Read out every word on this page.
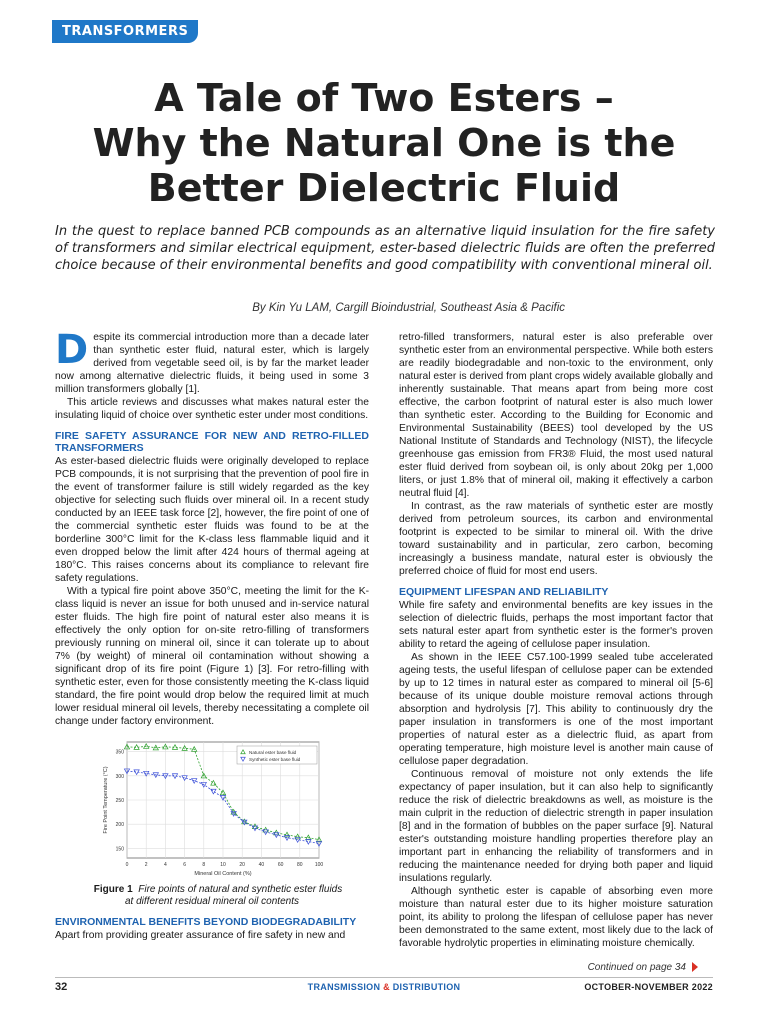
TRANSFORMERS
A Tale of Two Esters –
Why the Natural One is the
Better Dielectric Fluid

In the quest to replace banned PCB compounds as an alternative liquid insulation for the fire safety of transformers and similar electrical equipment, ester-based dielectric fluids are often the preferred choice because of their environmental benefits and good compatibility with conventional mineral oil.

By Kin Yu LAM, Cargill Bioindustrial, Southeast Asia & Pacific

Despite its commercial introduction more than a decade later than synthetic ester fluid, natural ester, which is largely derived from vegetable seed oil, is by far the market leader now among alternative dielectric fluids, it being used in some 3 million transformers globally [1].

This article reviews and discusses what makes natural ester the insulating liquid of choice over synthetic ester under most conditions.

FIRE SAFETY ASSURANCE FOR NEW AND RETRO-FILLED TRANSFORMERS

As ester-based dielectric fluids were originally developed to replace PCB compounds, it is not surprising that the prevention of pool fire in the event of transformer failure is still widely regarded as the key objective for selecting such fluids over mineral oil. In a recent study conducted by an IEEE task force [2], however, the fire point of one of the commercial synthetic ester fluids was found to be at the borderline 300°C limit for the K-class less flammable liquid and it even dropped below the limit after 424 hours of thermal ageing at 180°C. This raises concerns about its compliance to relevant fire safety regulations.

With a typical fire point above 350°C, meeting the limit for the K-class liquid is never an issue for both unused and in-service natural ester fluids. The high fire point of natural ester also means it is effectively the only option for on-site retro-filling of transformers previously running on mineral oil, since it can tolerate up to about 7% (by weight) of mineral oil contamination without showing a significant drop of its fire point (Figure 1) [3]. For retro-filling with synthetic ester, even for those consistently meeting the K-class liquid standard, the fire point would drop below the required limit at much lower residual mineral oil levels, thereby necessitating a complete oil change under factory environment.

150
200
250
300
350
0	2	4	6	8	10	20	40	60	80 100
Mineral Oil Content (%)
Fire Point Temperature (°C)
Natural ester base fluid
Synthetic ester base fluid

Figure 1 Fire points of natural and synthetic ester fluids
at different residual mineral oil contents

ENVIRONMENTAL BENEFITS BEYOND BIODEGRADABILITY

Apart from providing greater assurance of fire safety in new and

retro-filled transformers, natural ester is also preferable over synthetic ester from an environmental perspective. While both esters are readily biodegradable and non-toxic to the environment, only natural ester is derived from plant crops widely available globally and inherently sustainable. That means apart from being more cost effective, the carbon footprint of natural ester is also much lower than synthetic ester. According to the Building for Economic and Environmental Sustainability (BEES) tool developed by the US National Institute of Standards and Technology (NIST), the lifecycle greenhouse gas emission from FR3® Fluid, the most used natural ester fluid derived from soybean oil, is only about 20kg per 1,000 liters, or just 1.8% that of mineral oil, making it effectively a carbon neutral fluid [4].

In contrast, as the raw materials of synthetic ester are mostly derived from petroleum sources, its carbon and environmental footprint is expected to be similar to mineral oil. With the drive toward sustainability and in particular, zero carbon, becoming increasingly a business mandate, natural ester is obviously the preferred choice of fluid for most end users.

EQUIPMENT LIFESPAN AND RELIABILITY

While fire safety and environmental benefits are key issues in the selection of dielectric fluids, perhaps the most important factor that sets natural ester apart from synthetic ester is the former's proven ability to retard the ageing of cellulose paper insulation.

As shown in the IEEE C57.100-1999 sealed tube accelerated ageing tests, the useful lifespan of cellulose paper can be extended by up to 12 times in natural ester as compared to mineral oil [5-6] because of its unique double moisture removal actions through absorption and hydrolysis [7]. This ability to continuously dry the paper insulation in transformers is one of the most important properties of natural ester as a dielectric fluid, as apart from operating temperature, high moisture level is another main cause of cellulose paper degradation.

Continuous removal of moisture not only extends the life expectancy of paper insulation, but it can also help to significantly reduce the risk of dielectric breakdowns as well, as moisture is the main culprit in the reduction of dielectric strength in paper insulation [8] and in the formation of bubbles on the paper surface [9]. Natural ester's outstanding moisture handling properties therefore play an important part in enhancing the reliability of transformers and in reducing the maintenance needed for drying both paper and liquid insulations regularly.

Although synthetic ester is capable of absorbing even more moisture than natural ester due to its higher moisture saturation point, its ability to prolong the lifespan of cellulose paper has never been demonstrated to the same extent, most likely due to the lack of favorable hydrolytic properties in eliminating moisture chemically.

Continued on page 34
32	TRANSMISSION & DISTRIBUTION	OCTOBER-NOVEMBER 2022
